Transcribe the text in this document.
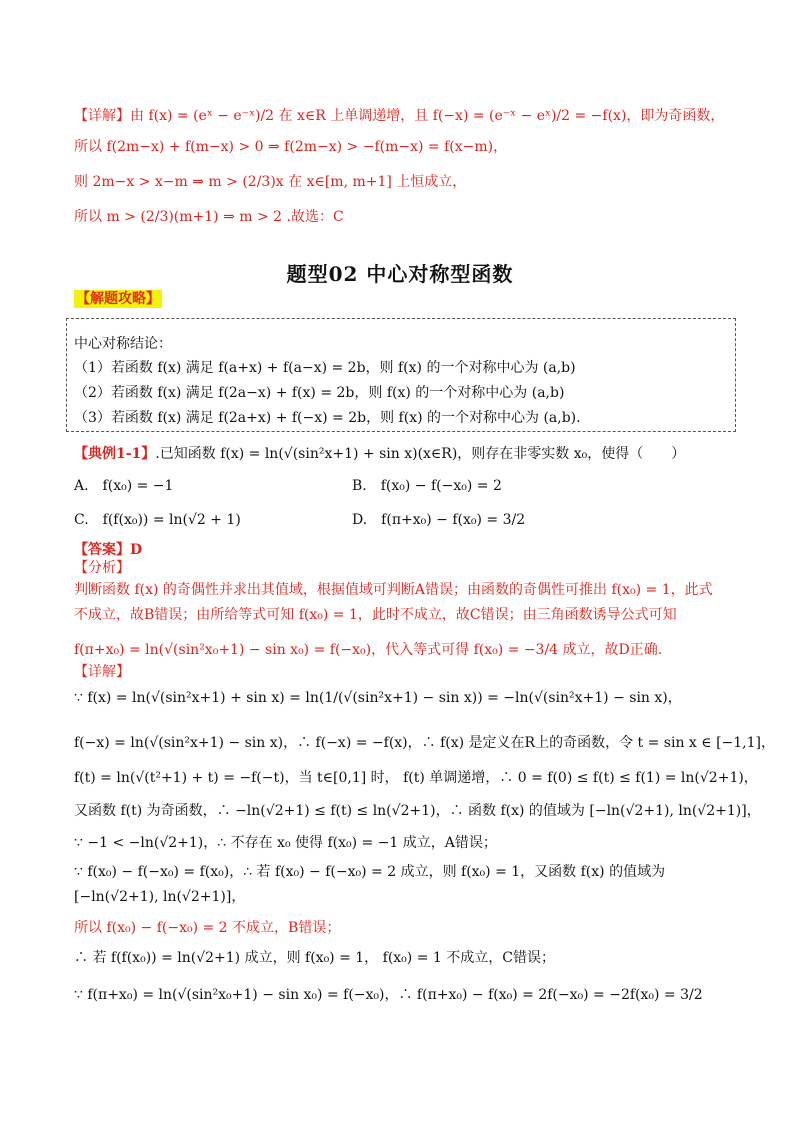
【详解】由 f(x) = (eˣ − e⁻ˣ)/2 在 x∈R 上单调递增，且 f(−x) = (e⁻ˣ − eˣ)/2 = −f(x)，即为奇函数，
所以 f(2m−x) + f(m−x) > 0 ⇒ f(2m−x) > −f(m−x) = f(x−m)，
则 2m−x > x−m ⇒ m > (2/3)x 在 x∈[m, m+1] 上恒成立，
所以 m > (2/3)(m+1) ⇒ m > 2 .故选：C
题型02 中心对称型函数
【解题攻略】
中心对称结论：
（1）若函数 f(x) 满足 f(a+x) + f(a−x) = 2b，则 f(x) 的一个对称中心为 (a,b)
（2）若函数 f(x) 满足 f(2a−x) + f(x) = 2b，则 f(x) 的一个对称中心为 (a,b)
（3）若函数 f(x) 满足 f(2a+x) + f(−x) = 2b，则 f(x) 的一个对称中心为 (a,b).
【典例1-1】.已知函数 f(x) = ln(√(sin²x+1) + sin x)(x∈R)，则存在非零实数 x₀，使得（　　）
A.　f(x₀) = −1	B.　f(x₀) − f(−x₀) = 2
C.　f(f(x₀)) = ln(√2 + 1)	D.　f(π+x₀) − f(x₀) = 3/2
【答案】D
【分析】
判断函数 f(x) 的奇偶性并求出其值域，根据值域可判断A错误；由函数的奇偶性可推出 f(x₀) = 1，此式
不成立，故B错误；由所给等式可知 f(x₀) = 1，此时不成立，故C错误；由三角函数诱导公式可知
f(π+x₀) = ln(√(sin²x₀+1) − sin x₀) = f(−x₀)，代入等式可得 f(x₀) = −3/4 成立，故D正确.
【详解】
∵ f(x) = ln(√(sin²x+1) + sin x) = ln(1/(√(sin²x+1) − sin x)) = −ln(√(sin²x+1) − sin x)，
f(−x) = ln(√(sin²x+1) − sin x)，∴ f(−x) = −f(x)，∴ f(x) 是定义在R上的奇函数，令 t = sin x ∈ [−1,1]，
f(t) = ln(√(t²+1) + t) = −f(−t)，当 t∈[0,1] 时， f(t) 单调递增，∴ 0 = f(0) ≤ f(t) ≤ f(1) = ln(√2+1)，
又函数 f(t) 为奇函数，∴ −ln(√2+1) ≤ f(t) ≤ ln(√2+1)，∴ 函数 f(x) 的值域为 [−ln(√2+1), ln(√2+1)]，
∵ −1 < −ln(√2+1)，∴ 不存在 x₀ 使得 f(x₀) = −1 成立，A错误；
∵ f(x₀) − f(−x₀) = f(x₀)，∴ 若 f(x₀) − f(−x₀) = 2 成立，则 f(x₀) = 1，又函数 f(x) 的值域为
[−ln(√2+1), ln(√2+1)]，
所以 f(x₀) − f(−x₀) = 2 不成立，B错误；
∴ 若 f(f(x₀)) = ln(√2+1) 成立，则 f(x₀) = 1， f(x₀) = 1 不成立，C错误；
∵ f(π+x₀) = ln(√(sin²x₀+1) − sin x₀) = f(−x₀)，∴ f(π+x₀) − f(x₀) = 2f(−x₀) = −2f(x₀) = 3/2
